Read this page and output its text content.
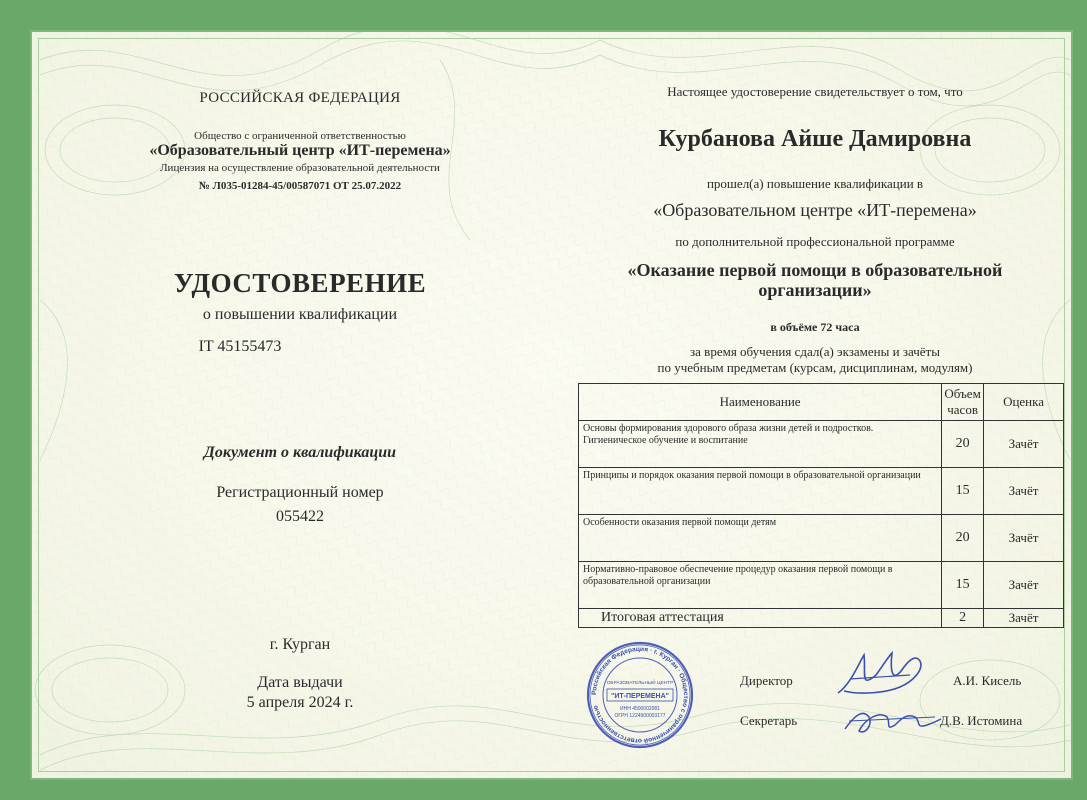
РОССИЙСКАЯ ФЕДЕРАЦИЯ
Общество с ограниченной ответственностью
«Образовательный центр «ИТ-перемена»
Лицензия на осуществление образовательной деятельности
№ Л035-01284-45/00587071 ОТ 25.07.2022
УДОСТОВЕРЕНИЕ
о повышении квалификации
IT 45155473
Документ о квалификации
Регистрационный номер
055422
г. Курган
Дата выдачи
5 апреля 2024 г.
Настоящее удостоверение свидетельствует о том, что
Курбанова Айше Дамировна
прошел(а) повышение квалификации в
«Образовательном центре «ИТ-перемена»
по дополнительной профессиональной программе
«Оказание первой помощи в образовательной организации»
в объёме 72 часа
за время обучения сдал(а) экзамены и зачёты
по учебным предметам (курсам, дисциплинам, модулям)
Наименование	Объем часов	Оценка
Основы формирования здорового образа жизни детей и подростков. Гигиеническое обучение и воспитание	20	Зачёт
Принципы и порядок оказания первой помощи в образовательной организации	15	Зачёт
Особенности оказания первой помощи детям	20	Зачёт
Нормативно-правовое обеспечение процедур оказания первой помощи в образовательной организации	15	Зачёт
Итоговая аттестация	2	Зачёт
Российская Федерация · г. Курган · Общество с ограниченной ответственностью
ОБРАЗОВАТЕЛЬНЫЙ ЦЕНТР
"ИТ-ПЕРЕМЕНА"
ИНН 4500002081
ОГРН 1224500003177
Директор	А.И. Кисель
Секретарь	Д.В. Истомина
